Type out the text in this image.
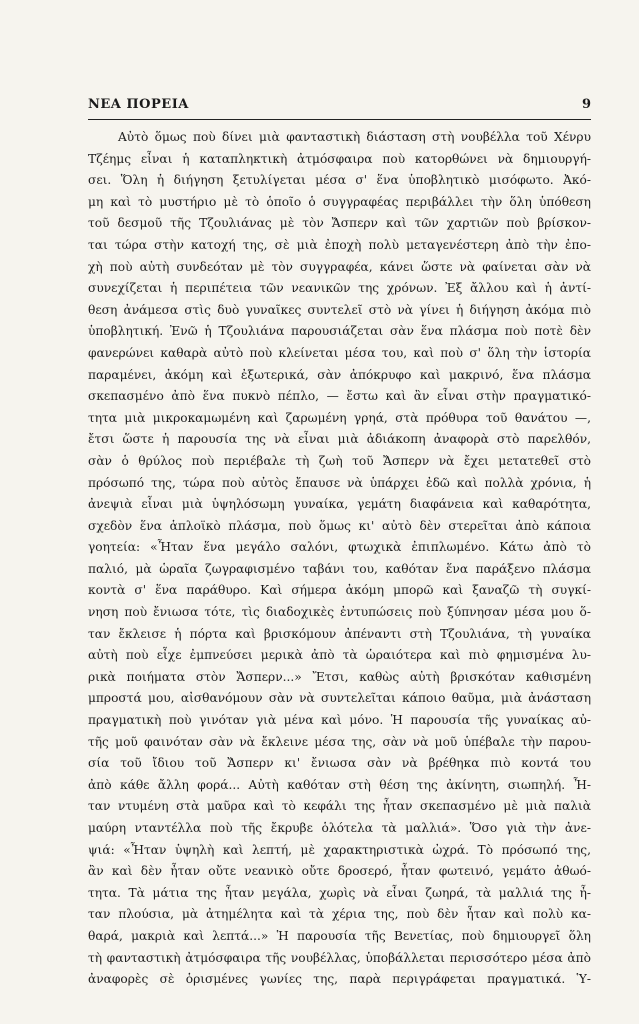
ΝΕΑ ΠΟΡΕΙΑ	9
Αὐτὸ ὅμως ποὺ δίνει μιὰ φανταστικὴ διάσταση στὴ νουβέλλα τοῦ Χένρυ
Τζέημς εἶναι ἡ καταπληκτικὴ ἀτμόσφαιρα ποὺ κατορθώνει νὰ δημιουργή-
σει. Ὅλη ἡ διήγηση ξετυλίγεται μέσα σ' ἕνα ὑποβλητικὸ μισόφωτο. Ἀκό-
μη καὶ τὸ μυστήριο μὲ τὸ ὁποῖο ὁ συγγραφέας περιβάλλει τὴν ὅλη ὑπόθεση
τοῦ δεσμοῦ τῆς Τζουλιάνας μὲ τὸν Ἄσπερν καὶ τῶν χαρτιῶν ποὺ βρίσκον-
ται τώρα στὴν κατοχή της, σὲ μιὰ ἐποχὴ πολὺ μεταγενέστερη ἀπὸ τὴν ἐπο-
χὴ ποὺ αὐτὴ συνδεόταν μὲ τὸν συγγραφέα, κάνει ὥστε νὰ φαίνεται σὰν νὰ
συνεχίζεται ἡ περιπέτεια τῶν νεανικῶν της χρόνων. Ἐξ ἄλλου καὶ ἡ ἀντί-
θεση ἀνάμεσα στὶς δυὸ γυναῖκες συντελεῖ στὸ νὰ γίνει ἡ διήγηση ἀκόμα πιὸ
ὑποβλητική. Ἐνῶ ἡ Τζουλιάνα παρουσιάζεται σὰν ἕνα πλάσμα ποὺ ποτὲ δὲν
φανερώνει καθαρὰ αὐτὸ ποὺ κλείνεται μέσα του, καὶ ποὺ σ' ὅλη τὴν ἱστορία
παραμένει, ἀκόμη καὶ ἐξωτερικά, σὰν ἀπόκρυφο καὶ μακρινό, ἕνα πλάσμα
σκεπασμένο ἀπὸ ἕνα πυκνὸ πέπλο, — ἔστω καὶ ἂν εἶναι στὴν πραγματικό-
τητα μιὰ μικροκαμωμένη καὶ ζαρωμένη γρηά, στὰ πρόθυρα τοῦ θανάτου —,
ἔτσι ὥστε ἡ παρουσία της νὰ εἶναι μιὰ ἀδιάκοπη ἀναφορὰ στὸ παρελθόν,
σὰν ὁ θρύλος ποὺ περιέβαλε τὴ ζωὴ τοῦ Ἄσπερν νὰ ἔχει μετατεθεῖ στὸ
πρόσωπό της, τώρα ποὺ αὐτὸς ἔπαυσε νὰ ὑπάρχει ἐδῶ καὶ πολλὰ χρόνια, ἡ
ἀνεψιὰ εἶναι μιὰ ὑψηλόσωμη γυναίκα, γεμάτη διαφάνεια καὶ καθαρότητα,
σχεδὸν ἕνα ἁπλοϊκὸ πλάσμα, ποὺ ὅμως κι' αὐτὸ δὲν στερεῖται ἀπὸ κάποια
γοητεία: «Ἦταν ἕνα μεγάλο σαλόνι, φτωχικὰ ἐπιπλωμένο. Κάτω ἀπὸ τὸ
παλιό, μὰ ὡραῖα ζωγραφισμένο ταβάνι του, καθόταν ἕνα παράξενο πλάσμα
κοντὰ σ' ἕνα παράθυρο. Καὶ σήμερα ἀκόμη μπορῶ καὶ ξαναζῶ τὴ συγκί-
νηση ποὺ ἔνιωσα τότε, τὶς διαδοχικὲς ἐντυπώσεις ποὺ ξύπνησαν μέσα μου ὅ-
ταν ἔκλεισε ἡ πόρτα καὶ βρισκόμουν ἀπέναντι στὴ Τζουλιάνα, τὴ γυναίκα
αὐτὴ ποὺ εἶχε ἐμπνεύσει μερικὰ ἀπὸ τὰ ὡραιότερα καὶ πιὸ φημισμένα λυ-
ρικὰ ποιήματα στὸν Ἄσπερν...» Ἔτσι, καθὼς αὐτὴ βρισκόταν καθισμένη
μπροστά μου, αἰσθανόμουν σὰν νὰ συντελεῖται κάποιο θαῦμα, μιὰ ἀνάσταση
πραγματικὴ ποὺ γινόταν γιὰ μένα καὶ μόνο. Ἡ παρουσία τῆς γυναίκας αὐ-
τῆς μοῦ φαινόταν σὰν νὰ ἔκλεινε μέσα της, σὰν νὰ μοῦ ὑπέβαλε τὴν παρου-
σία τοῦ ἴδιου τοῦ Ἄσπερν κι' ἔνιωσα σὰν νὰ βρέθηκα πιὸ κοντά του
ἀπὸ κάθε ἄλλη φορά... Αὐτὴ καθόταν στὴ θέση της ἀκίνητη, σιωπηλή. Ἦ-
ταν ντυμένη στὰ μαῦρα καὶ τὸ κεφάλι της ἦταν σκεπασμένο μὲ μιὰ παλιὰ
μαύρη νταντέλλα ποὺ τῆς ἔκρυβε ὁλότελα τὰ μαλλιά». Ὅσο γιὰ τὴν ἀνε-
ψιά: «Ἦταν ὑψηλὴ καὶ λεπτή, μὲ χαρακτηριστικὰ ὠχρά. Τὸ πρόσωπό της,
ἂν καὶ δὲν ἦταν οὔτε νεανικὸ οὔτε δροσερό, ἦταν φωτεινό, γεμάτο ἀθωό-
τητα. Τὰ μάτια της ἦταν μεγάλα, χωρὶς νὰ εἶναι ζωηρά, τὰ μαλλιά της ἦ-
ταν πλούσια, μὰ ἀτημέλητα καὶ τὰ χέρια της, ποὺ δὲν ἦταν καὶ πολὺ κα-
θαρά, μακριὰ καὶ λεπτά...» Ἡ παρουσία τῆς Βενετίας, ποὺ δημιουργεῖ ὅλη
τὴ φανταστικὴ ἀτμόσφαιρα τῆς νουβέλλας, ὑποβάλλεται περισσότερο μέσα ἀπὸ
ἀναφορὲς σὲ ὁρισμένες γωνίες της, παρὰ περιγράφεται πραγματικά. Ὑ-
